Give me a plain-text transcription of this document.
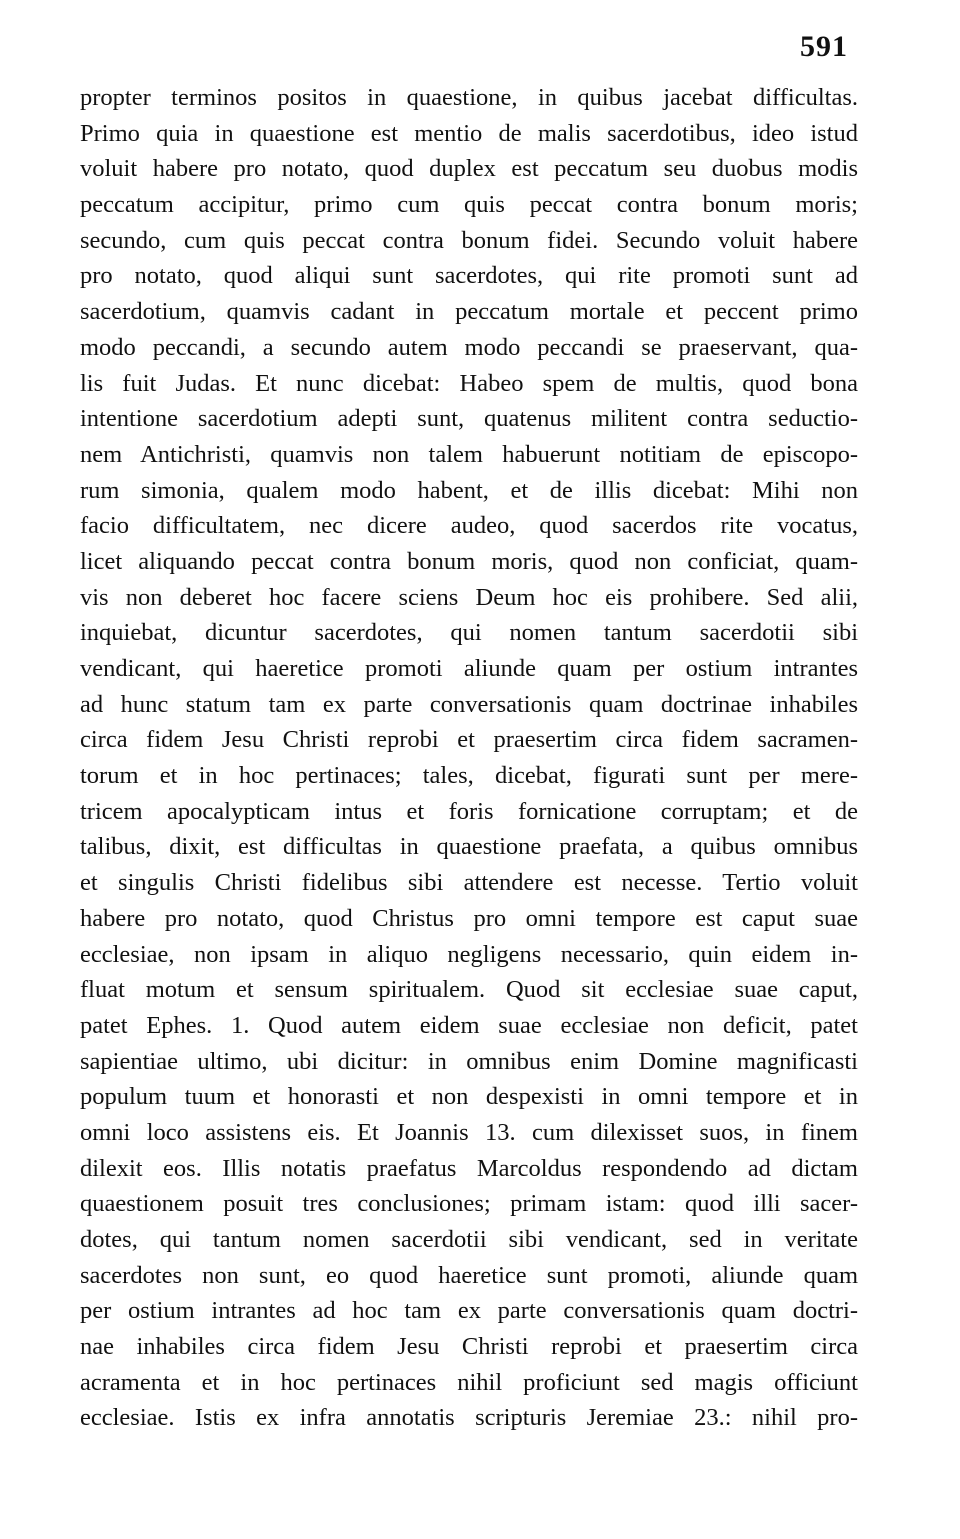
591
propter terminos positos in quaestione, in quibus jacebat difficultas.
Primo quia in quaestione est mentio de malis sacerdotibus, ideo istud
voluit habere pro notato, quod duplex est peccatum seu duobus modis
peccatum accipitur, primo cum quis peccat contra bonum moris;
secundo, cum quis peccat contra bonum fidei. Secundo voluit habere
pro notato, quod aliqui sunt sacerdotes, qui rite promoti sunt ad
sacerdotium, quamvis cadant in peccatum mortale et peccent primo
modo peccandi, a secundo autem modo peccandi se praeservant, qua-
lis fuit Judas. Et nunc dicebat: Habeo spem de multis, quod bona
intentione sacerdotium adepti sunt, quatenus militent contra seductio-
nem Antichristi, quamvis non talem habuerunt notitiam de episcopo-
rum simonia, qualem modo habent, et de illis dicebat: Mihi non
facio difficultatem, nec dicere audeo, quod sacerdos rite vocatus,
licet aliquando peccat contra bonum moris, quod non conficiat, quam-
vis non deberet hoc facere sciens Deum hoc eis prohibere. Sed alii,
inquiebat, dicuntur sacerdotes, qui nomen tantum sacerdotii sibi
vendicant, qui haeretice promoti aliunde quam per ostium intrantes
ad hunc statum tam ex parte conversationis quam doctrinae inhabiles
circa fidem Jesu Christi reprobi et praesertim circa fidem sacramen-
torum et in hoc pertinaces; tales, dicebat, figurati sunt per mere-
tricem apocalypticam intus et foris fornicatione corruptam; et de
talibus, dixit, est difficultas in quaestione praefata, a quibus omnibus
et singulis Christi fidelibus sibi attendere est necesse. Tertio voluit
habere pro notato, quod Christus pro omni tempore est caput suae
ecclesiae, non ipsam in aliquo negligens necessario, quin eidem in-
fluat motum et sensum spiritualem. Quod sit ecclesiae suae caput,
patet Ephes. 1. Quod autem eidem suae ecclesiae non deficit, patet
sapientiae ultimo, ubi dicitur: in omnibus enim Domine magnificasti
populum tuum et honorasti et non despexisti in omni tempore et in
omni loco assistens eis. Et Joannis 13. cum dilexisset suos, in finem
dilexit eos. Illis notatis praefatus Marcoldus respondendo ad dictam
quaestionem posuit tres conclusiones; primam istam: quod illi sacer-
dotes, qui tantum nomen sacerdotii sibi vendicant, sed in veritate
sacerdotes non sunt, eo quod haeretice sunt promoti, aliunde quam
per ostium intrantes ad hoc tam ex parte conversationis quam doctri-
nae inhabiles circa fidem Jesu Christi reprobi et praesertim circa
acramenta et in hoc pertinaces nihil proficiunt sed magis officiunt
ecclesiae. Istis ex infra annotatis scripturis Jeremiae 23.: nihil pro-
